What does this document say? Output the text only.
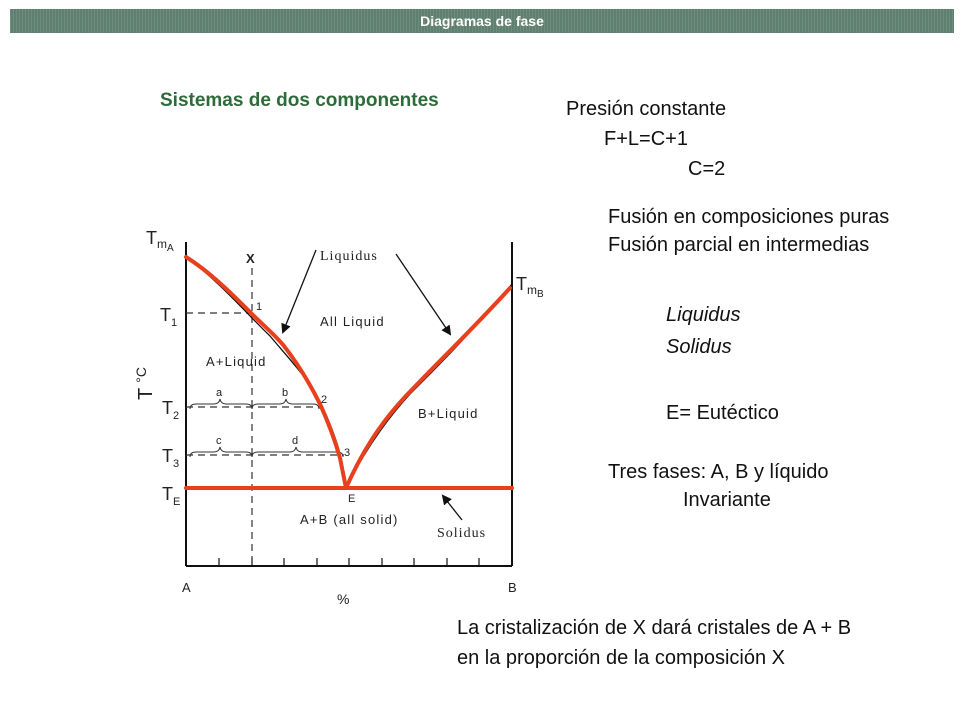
Diagramas de fase
Sistemas de dos componentes	Presión constante
F+L=C+1
C=2
Fusión en composiciones puras
Fusión parcial en intermedias
Liquidus
Solidus
E= Eutéctico
Tres fases: A, B y líquido
Invariante
La cristalización de X dará cristales de A + B
en la proporción de la composición X
Liquidus
Solidus
All Liquid
A+Liquid
B+Liquid
A+B (all solid)
X
1
2
3
E
a	b
c	d
$T_mA$
$T_mB$
$T_1$
$T_2$
$T_3$
$T_E$
$T^{^\circ C}$
A	B
%
